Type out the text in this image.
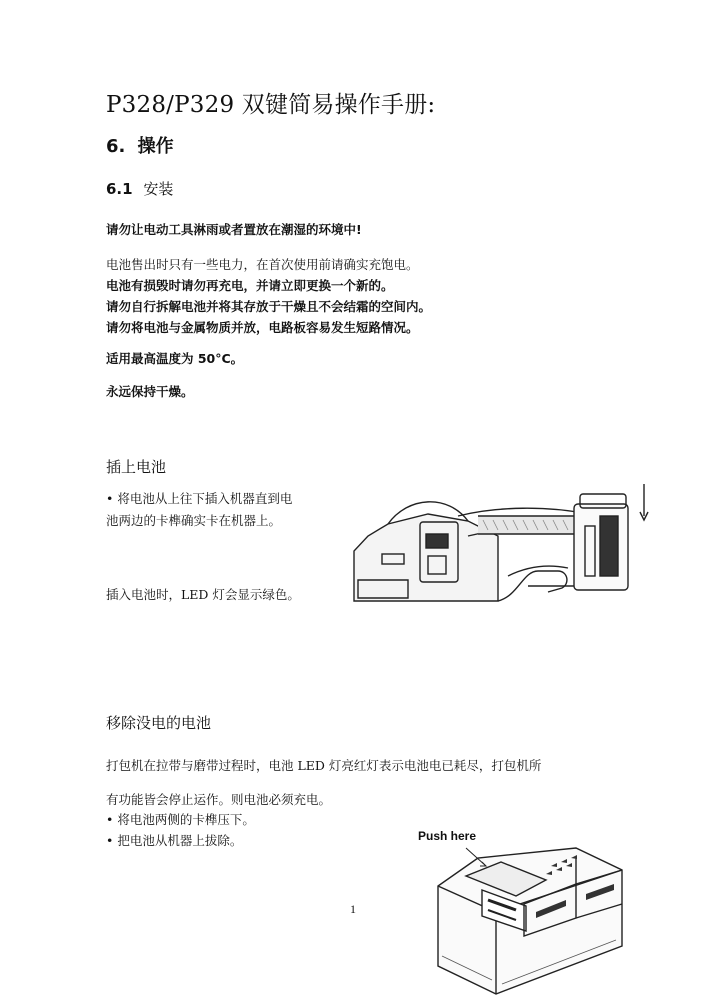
P328/P329 双键简易操作手册:
6. 操作
6.1 安装
请勿让电动工具淋雨或者置放在潮湿的环境中!
电池售出时只有一些电力，在首次使用前请确实充饱电。
电池有损毁时请勿再充电，并请立即更换一个新的。
请勿自行拆解电池并将其存放于干燥且不会结霜的空间内。
请勿将电池与金属物质并放，电路板容易发生短路情况。
适用最高温度为 50°C。
永远保持干燥。
插上电池
• 将电池从上往下插入机器直到电
池两边的卡榫确实卡在机器上。
插入电池时，LED 灯会显示绿色。
移除没电的电池
打包机在拉带与磨带过程时，电池 LED 灯亮红灯表示电池电已耗尽，打包机所
有功能皆会停止运作。则电池必须充电。
• 将电池两侧的卡榫压下。
• 把电池从机器上拔除。	Push here
1
